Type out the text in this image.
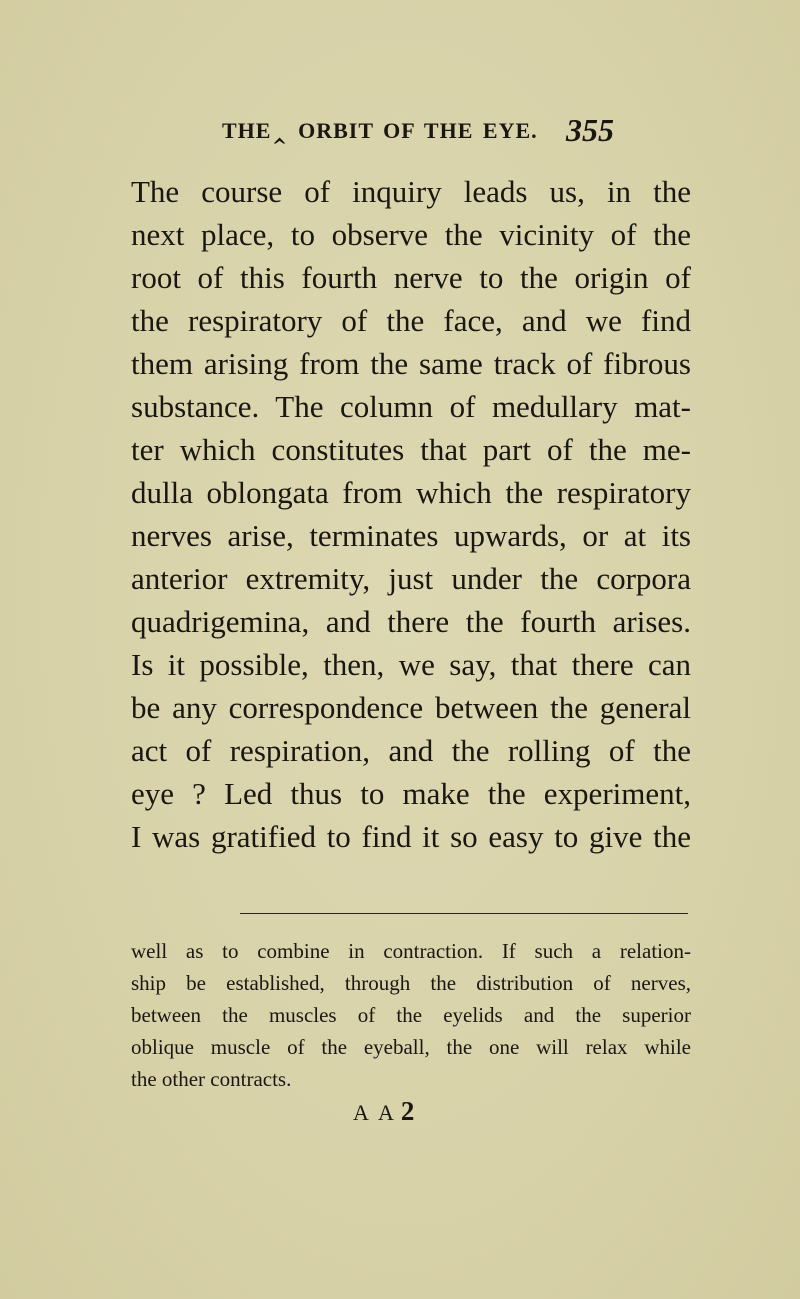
THE‸ ORBIT OF THE EYE. 355
The course of inquiry leads us, in the
next place, to observe the vicinity of the
root of this fourth nerve to the origin of
the respiratory of the face, and we find
them arising from the same track of fibrous
substance. The column of medullary mat-
ter which constitutes that part of the me-
dulla oblongata from which the respiratory
nerves arise, terminates upwards, or at its
anterior extremity, just under the corpora
quadrigemina, and there the fourth arises.
Is it possible, then, we say, that there can
be any correspondence between the general
act of respiration, and the rolling of the
eye ? Led thus to make the experiment,
I was gratified to find it so easy to give the
well as to combine in contraction. If such a relation-
ship be established, through the distribution of nerves,
between the muscles of the eyelids and the superior
oblique muscle of the eyeball, the one will relax while
the other contracts.
A A 2
